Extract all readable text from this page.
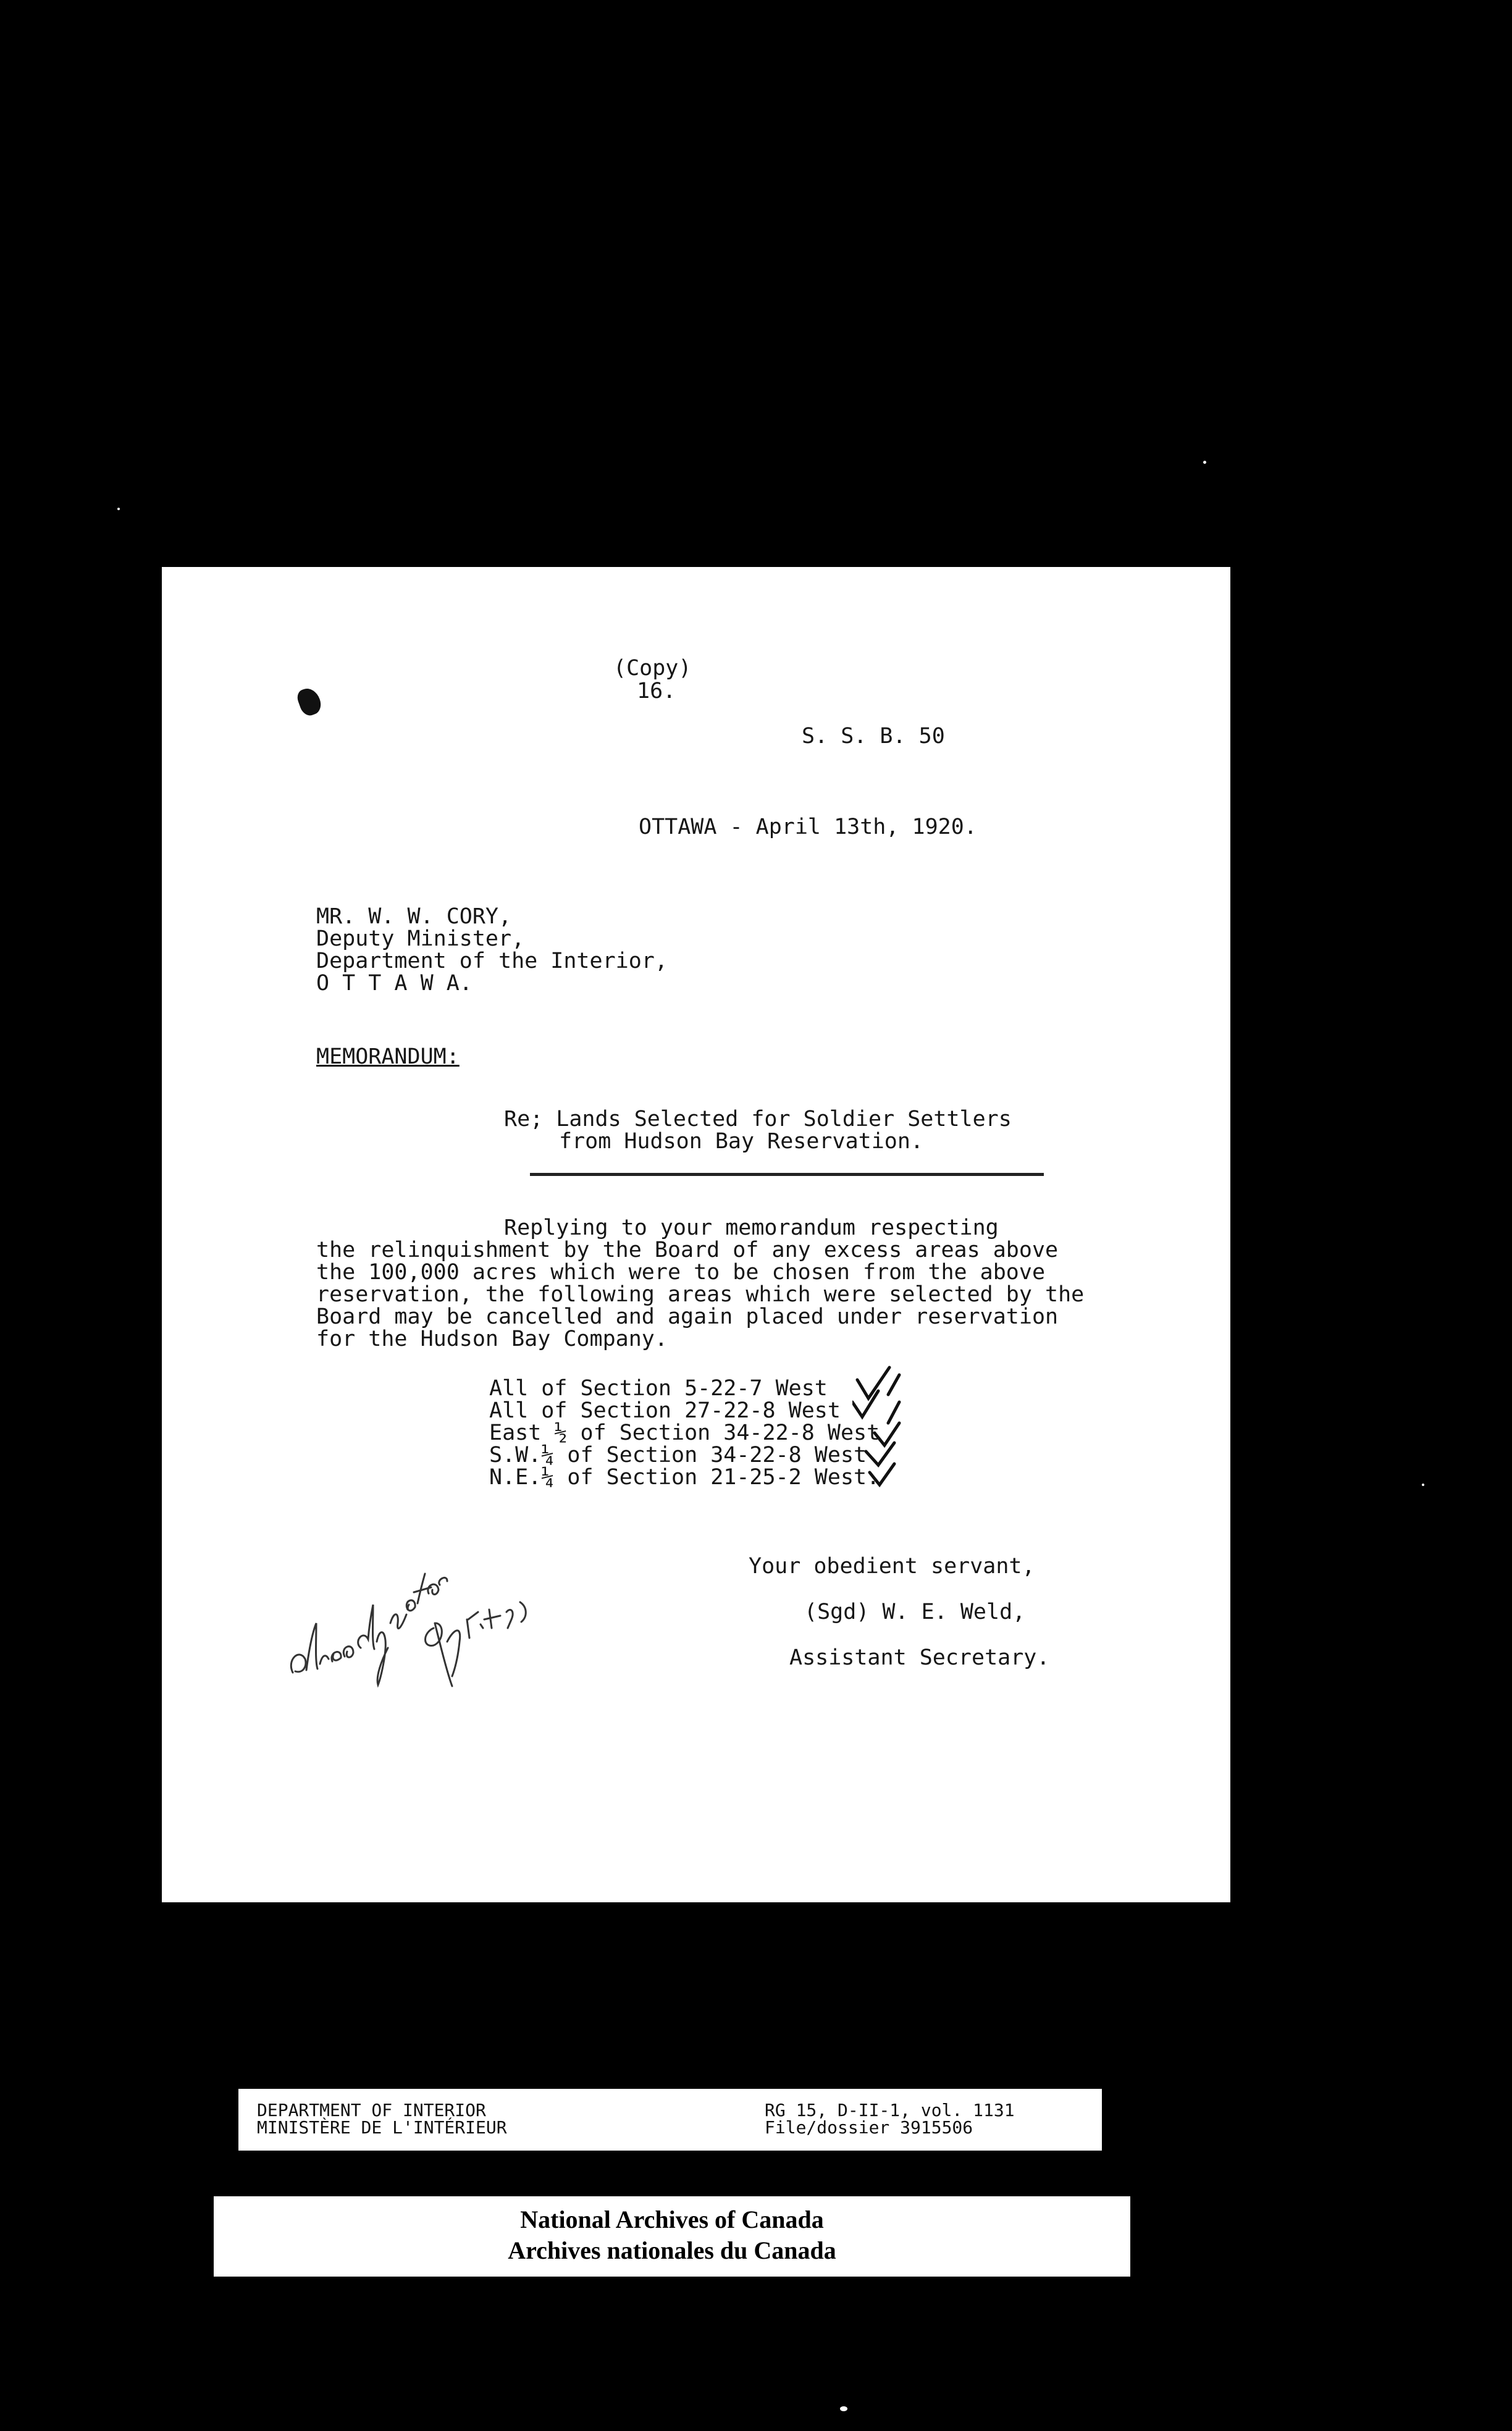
(Copy)
16.
S. S. B. 50
OTTAWA - April 13th, 1920.
MR. W. W. CORY,
Deputy Minister,
Department of the Interior,
O T T A W A.
MEMORANDUM:
Re; Lands Selected for Soldier Settlers
from Hudson Bay Reservation.
Replying to your memorandum respecting
the relinquishment by the Board of any excess areas above
the 100,000 acres which were to be chosen from the above
reservation, the following areas which were selected by the
Board may be cancelled and again placed under reservation
for the Hudson Bay Company.
All of Section 5-22-7 West
All of Section 27-22-8 West
East ½ of Section 34-22-8 West
S.W.¼ of Section 34-22-8 West
N.E.¼ of Section 21-25-2 West.
Your obedient servant,
(Sgd) W. E. Weld,
Assistant Secretary.
DEPARTMENT OF INTERIOR
MINISTÈRE DE L'INTÉRIEUR
RG 15, D-II-1, vol. 1131
File/dossier 3915506
National Archives of Canada
Archives nationales du Canada
